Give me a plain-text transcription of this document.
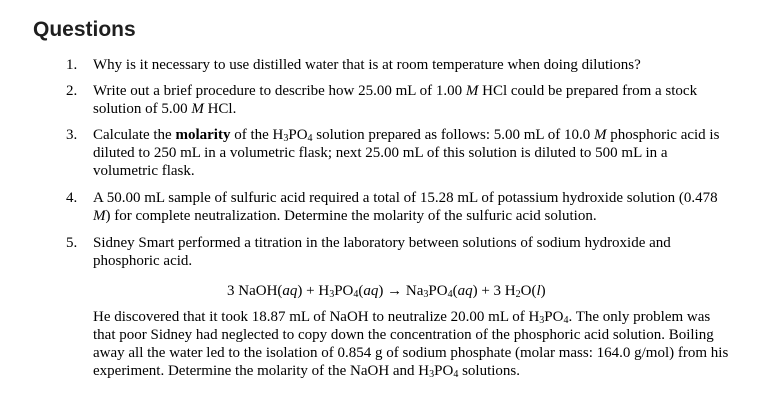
Questions
1. Why is it necessary to use distilled water that is at room temperature when doing dilutions?
2. Write out a brief procedure to describe how 25.00 mL of 1.00 M HCl could be prepared from a stock solution of 5.00 M HCl.
3. Calculate the molarity of the $H_3PO_4$ solution prepared as follows: 5.00 mL of 10.0 M phosphoric acid is diluted to 250 mL in a volumetric flask; next 25.00 mL of this solution is diluted to 500 mL in a volumetric flask.
4. A 50.00 mL sample of sulfuric acid required a total of 15.28 mL of potassium hydroxide solution (0.478 M) for complete neutralization. Determine the molarity of the sulfuric acid solution.
5. Sidney Smart performed a titration in the laboratory between solutions of sodium hydroxide and phosphoric acid.
3 NaOH(aq) + $H_3PO_4(aq) \to Na_3PO_4(aq) + 3$ $H_2O(l)$
He discovered that it took 18.87 mL of NaOH to neutralize 20.00 mL of $H_3PO_4$. The only problem was that poor Sidney had neglected to copy down the concentration of the phosphoric acid solution. Boiling away all the water led to the isolation of 0.854 g of sodium phosphate (molar mass: 164.0 g/mol) from his experiment. Determine the molarity of the NaOH and $H_3PO_4$ solutions.
